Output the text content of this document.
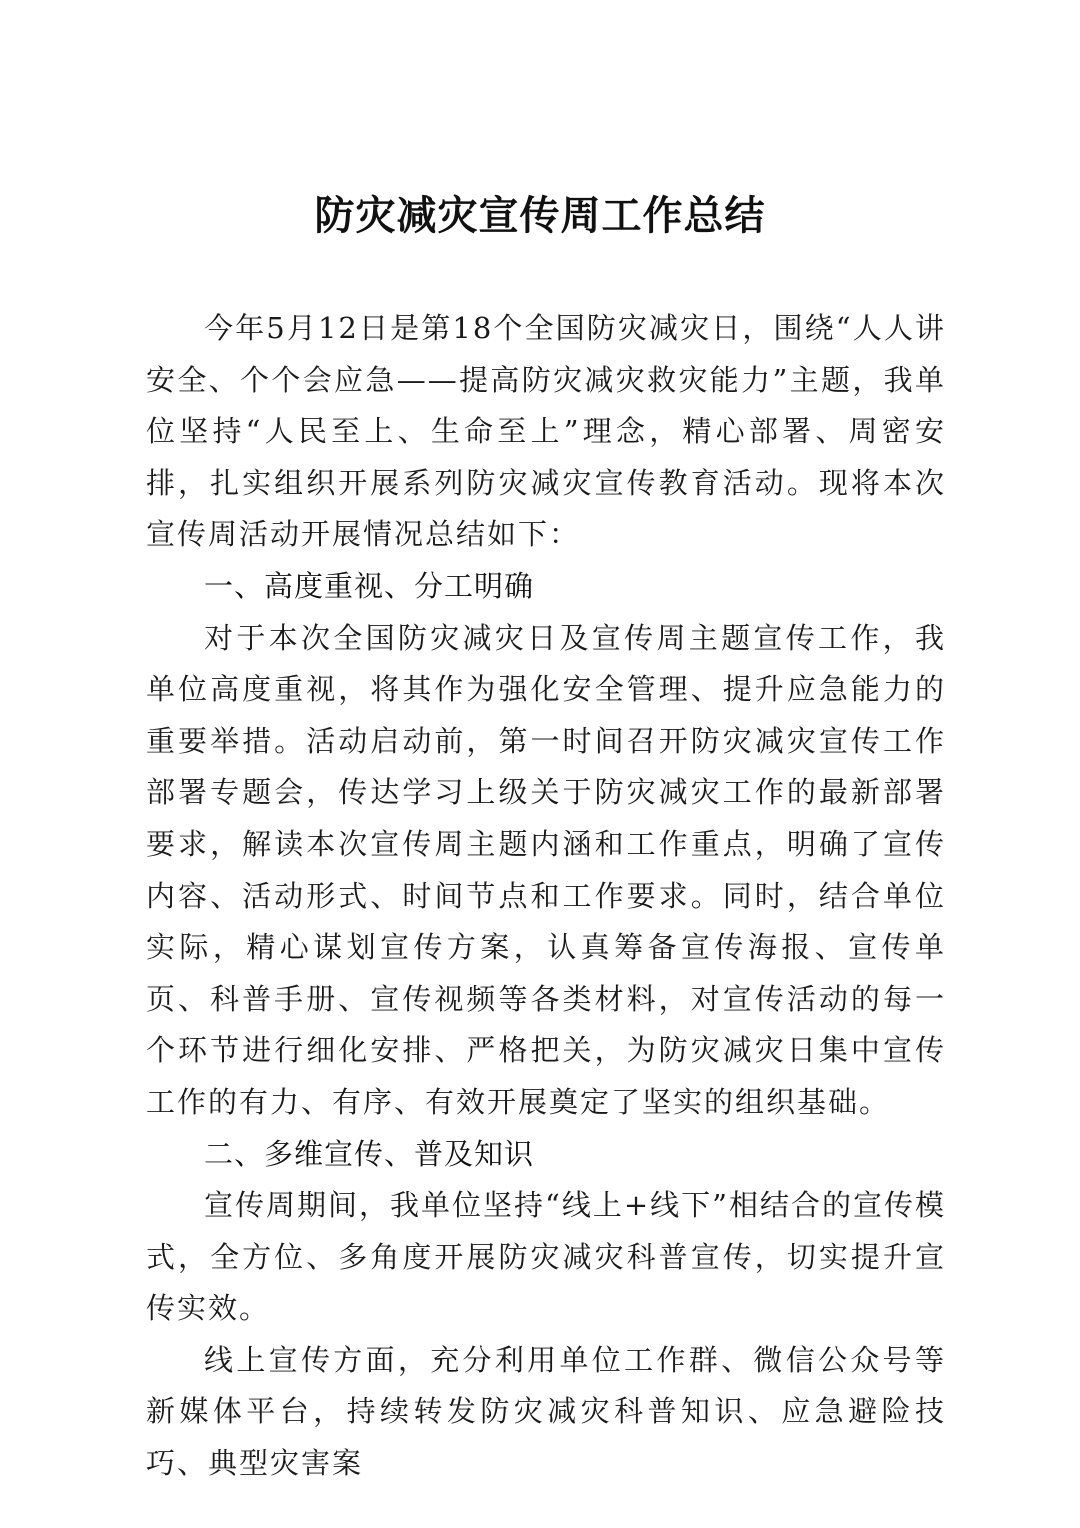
防灾减灾宣传周工作总结

今年5月12日是第18个全国防灾减灾日，围绕“人人讲安全、个个会应急——提高防灾减灾救灾能力”主题，我单位坚持“人民至上、生命至上”理念，精心部署、周密安排，扎实组织开展系列防灾减灾宣传教育活动。现将本次宣传周活动开展情况总结如下：

一、高度重视、分工明确

对于本次全国防灾减灾日及宣传周主题宣传工作，我单位高度重视，将其作为强化安全管理、提升应急能力的重要举措。活动启动前，第一时间召开防灾减灾宣传工作部署专题会，传达学习上级关于防灾减灾工作的最新部署要求，解读本次宣传周主题内涵和工作重点，明确了宣传内容、活动形式、时间节点和工作要求。同时，结合单位实际，精心谋划宣传方案，认真筹备宣传海报、宣传单页、科普手册、宣传视频等各类材料，对宣传活动的每一个环节进行细化安排、严格把关，为防灾减灾日集中宣传工作的有力、有序、有效开展奠定了坚实的组织基础。

二、多维宣传、普及知识

宣传周期间，我单位坚持“线上+线下”相结合的宣传模式，全方位、多角度开展防灾减灾科普宣传，切实提升宣传实效。

线上宣传方面，充分利用单位工作群、微信公众号等新媒体平台，持续转发防灾减灾科普知识、应急避险技巧、典型灾害案
